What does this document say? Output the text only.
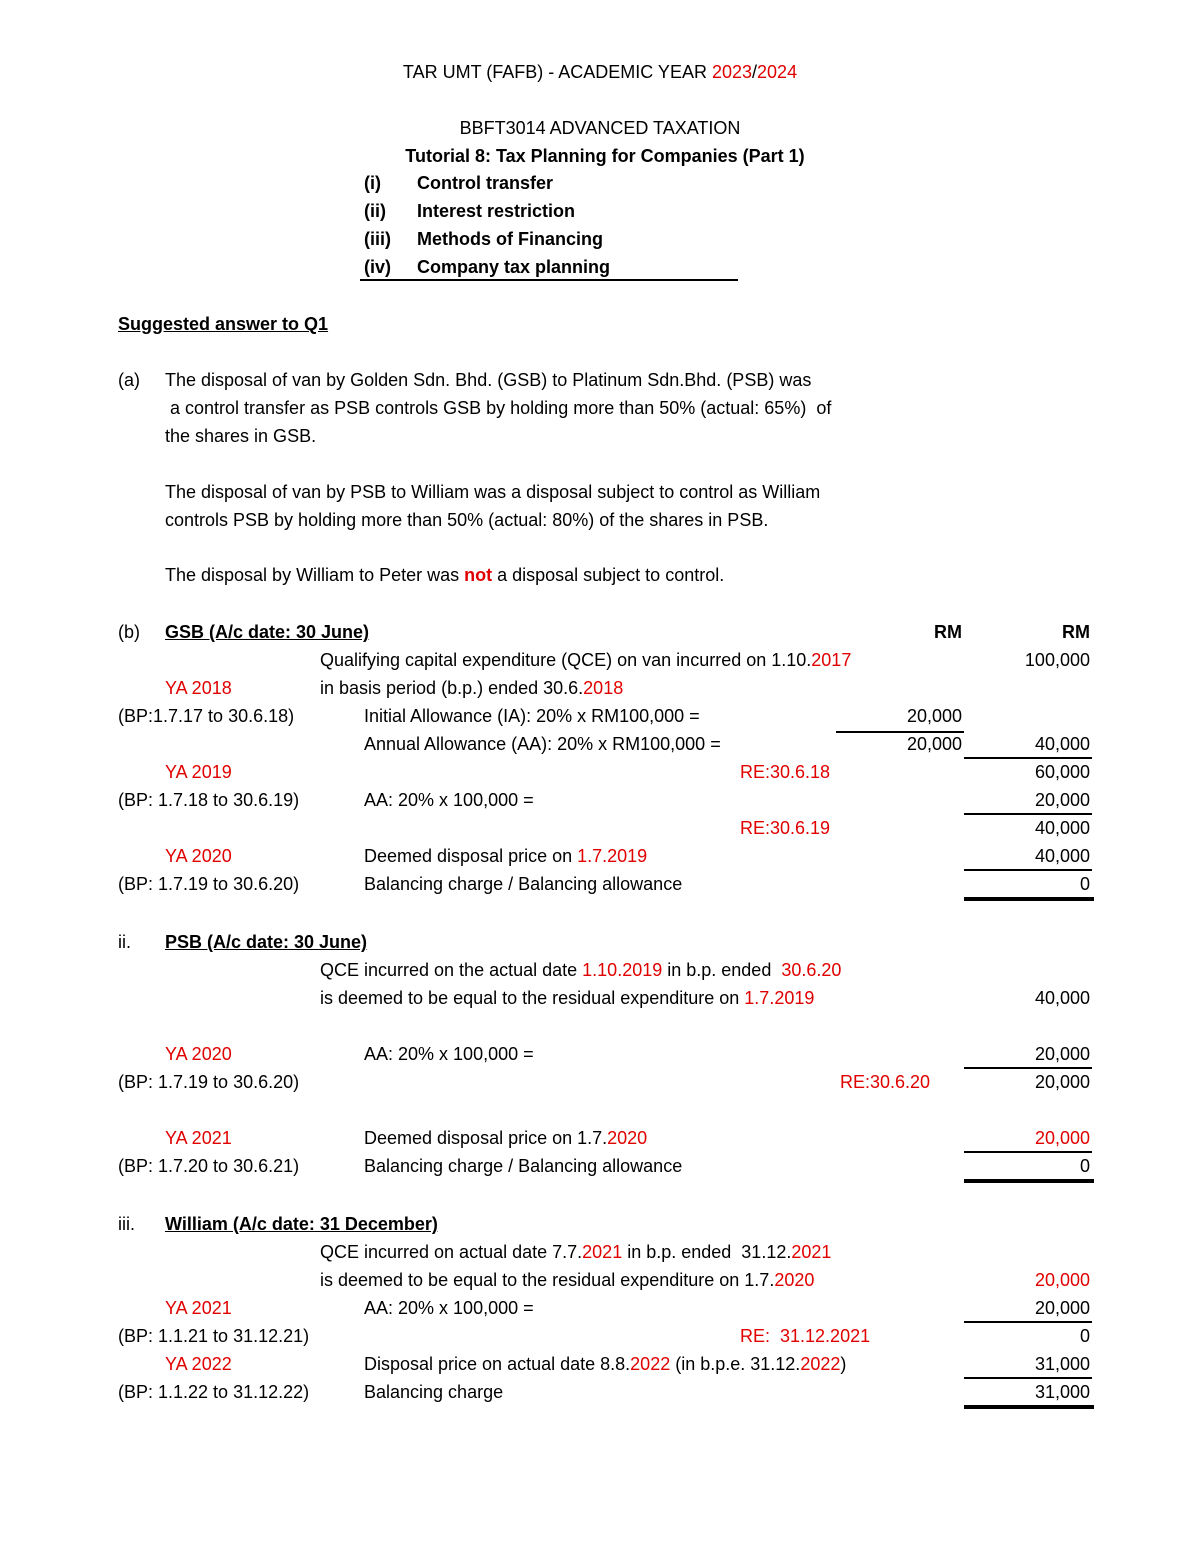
TAR UMT (FAFB) - ACADEMIC YEAR 2023/2024
BBFT3014 ADVANCED TAXATION
Tutorial 8: Tax Planning for Companies (Part 1)
(i) Control transfer
(ii) Interest restriction
(iii) Methods of Financing
(iv) Company tax planning
Suggested answer to Q1
(a) The disposal of van by Golden Sdn. Bhd. (GSB) to Platinum Sdn.Bhd. (PSB) was
a control transfer as PSB controls GSB by holding more than 50% (actual: 65%)  of
the shares in GSB.
The disposal of van by PSB to William was a disposal subject to control as William
controls PSB by holding more than 50% (actual: 80%) of the shares in PSB.
The disposal by William to Peter was not a disposal subject to control.
(b) GSB (A/c date: 30 June)	RM	RM
Qualifying capital expenditure (QCE) on van incurred on 1.10.2017	100,000
YA 2018	in basis period (b.p.) ended 30.6.2018
(BP:1.7.17 to 30.6.18)	Initial Allowance (IA): 20% x RM100,000 =	20,000
Annual Allowance (AA): 20% x RM100,000 =	20,000	40,000
YA 2019	RE:30.6.18	60,000
(BP: 1.7.18 to 30.6.19)	AA: 20% x 100,000 =	20,000
RE:30.6.19	40,000
YA 2020	Deemed disposal price on 1.7.2019	40,000
(BP: 1.7.19 to 30.6.20)	Balancing charge / Balancing allowance	0
ii. PSB (A/c date: 30 June)
QCE incurred on the actual date 1.10.2019 in b.p. ended  30.6.20
is deemed to be equal to the residual expenditure on 1.7.2019	40,000
YA 2020	AA: 20% x 100,000 =	20,000
(BP: 1.7.19 to 30.6.20)	RE:30.6.20	20,000
YA 2021	Deemed disposal price on 1.7.2020	20,000
(BP: 1.7.20 to 30.6.21)	Balancing charge / Balancing allowance	0
iii. William (A/c date: 31 December)
QCE incurred on actual date 7.7.2021 in b.p. ended  31.12.2021
is deemed to be equal to the residual expenditure on 1.7.2020	20,000
YA 2021	AA: 20% x 100,000 =	20,000
(BP: 1.1.21 to 31.12.21)	RE:  31.12.2021	0
YA 2022	Disposal price on actual date 8.8.2022 (in b.p.e. 31.12.2022)	31,000
(BP: 1.1.22 to 31.12.22)	Balancing charge	31,000
